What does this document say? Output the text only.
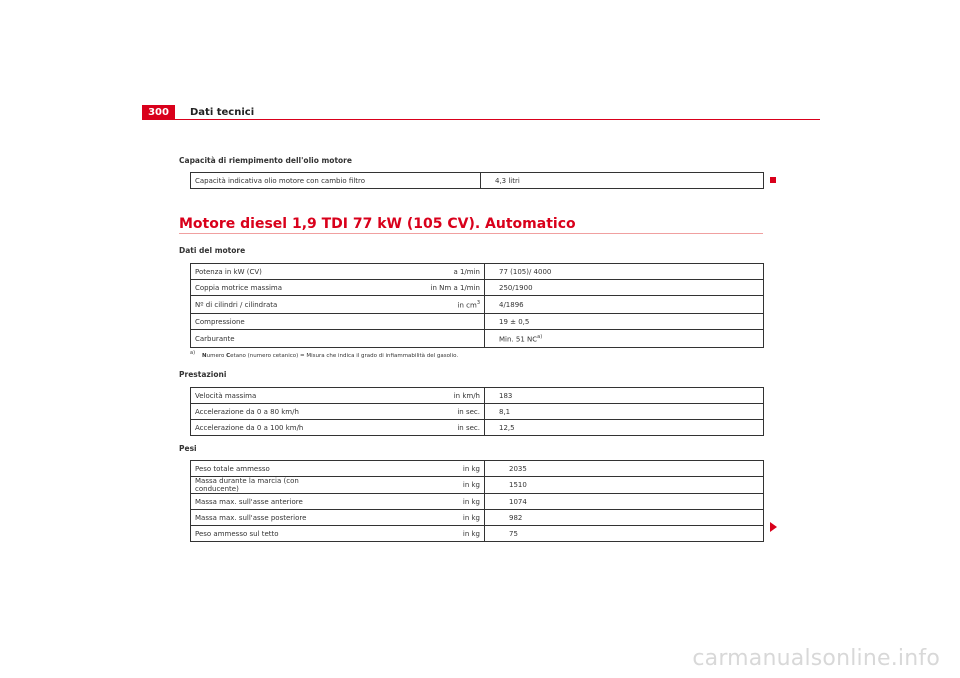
300	Dati tecnici
Capacità di riempimento dell'olio motore
Capacità indicativa olio motore con cambio filtro	4,3 litri
Motore diesel 1,9 TDI 77 kW (105 CV). Automatico
Dati del motore
Potenza in kW (CV)	a 1/min	77 (105)/ 4000
Coppia motrice massima	in Nm a 1/min	250/1900
Nº di cilindri / cilindrata	in $cm^3$	4/1896
Compressione		19 ± 0,5
Carburante		Min. 51 NC$^{a)}$
$^{a)}$ Numero Cetano (numero cetanico) = Misura che indica il grado di infiammabilità del gasolio.
Prestazioni
Velocità massima	in km/h	183
Accelerazione da 0 a 80 km/h	in sec.	8,1
Accelerazione da 0 a 100 km/h	in sec.	12,5
Pesi
Peso totale ammesso	in kg	2035
Massa durante la marcia (con conducente)	in kg	1510
Massa max. sull'asse anteriore	in kg	1074
Massa max. sull'asse posteriore	in kg	982
Peso ammesso sul tetto	in kg	75
carmanualsonline.info
